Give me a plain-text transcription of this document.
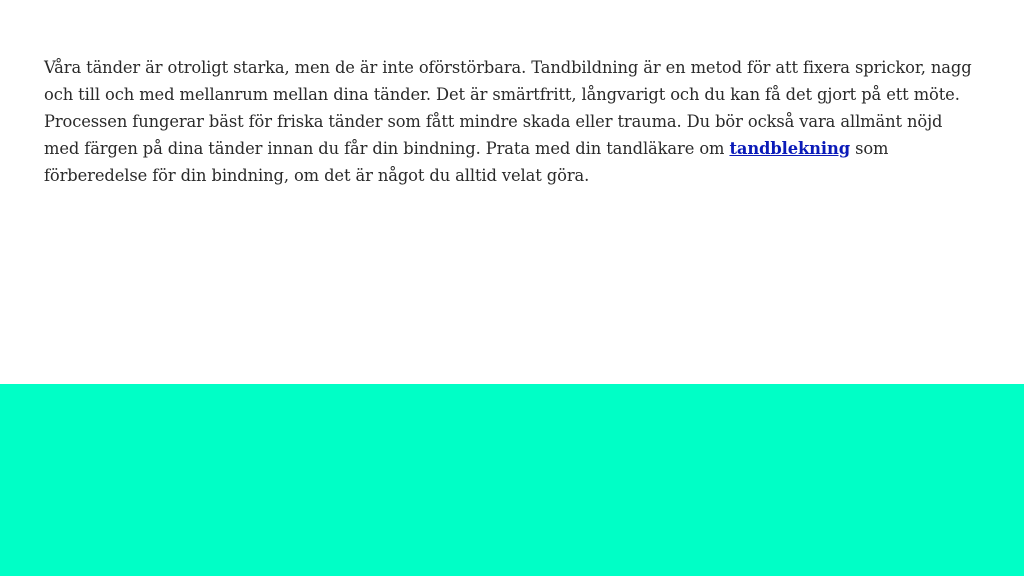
Våra tänder är otroligt starka, men de är inte oförstörbara. Tandbildning är en metod för att fixera sprickor, nagg och till och med mellanrum mellan dina tänder. Det är smärtfritt, långvarigt och du kan få det gjort på ett möte. Processen fungerar bäst för friska tänder som fått mindre skada eller trauma. Du bör också vara allmänt nöjd med färgen på dina tänder innan du får din bindning. Prata med din tandläkare om tandblekning som förberedelse för din bindning, om det är något du alltid velat göra.
